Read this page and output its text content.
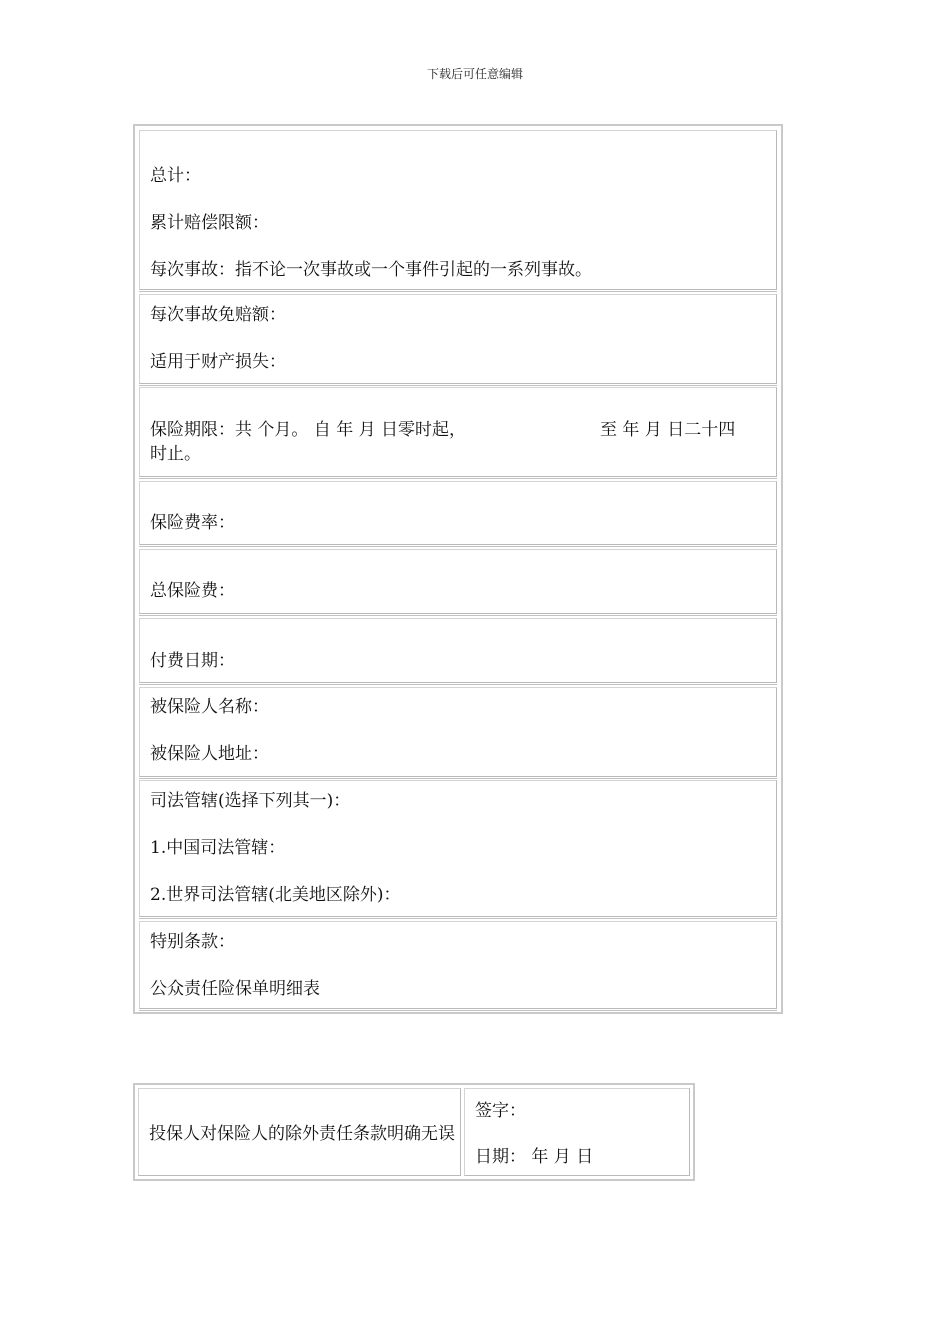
下载后可任意编辑
总计：
累计赔偿限额：
每次事故：指不论一次事故或一个事件引起的一系列事故。
每次事故免赔额：
适用于财产损失：
保险期限：共 个月。 自 年 月 日零时起，	至 年 月 日二十四
时止。
保险费率：
总保险费：
付费日期：
被保险人名称：
被保险人地址：
司法管辖(选择下列其一)：
1.中国司法管辖：
2.世界司法管辖(北美地区除外)：
特别条款：
公众责任险保单明细表
投保人对保险人的除外责任条款明确无误
签字：
日期： 年 月 日
